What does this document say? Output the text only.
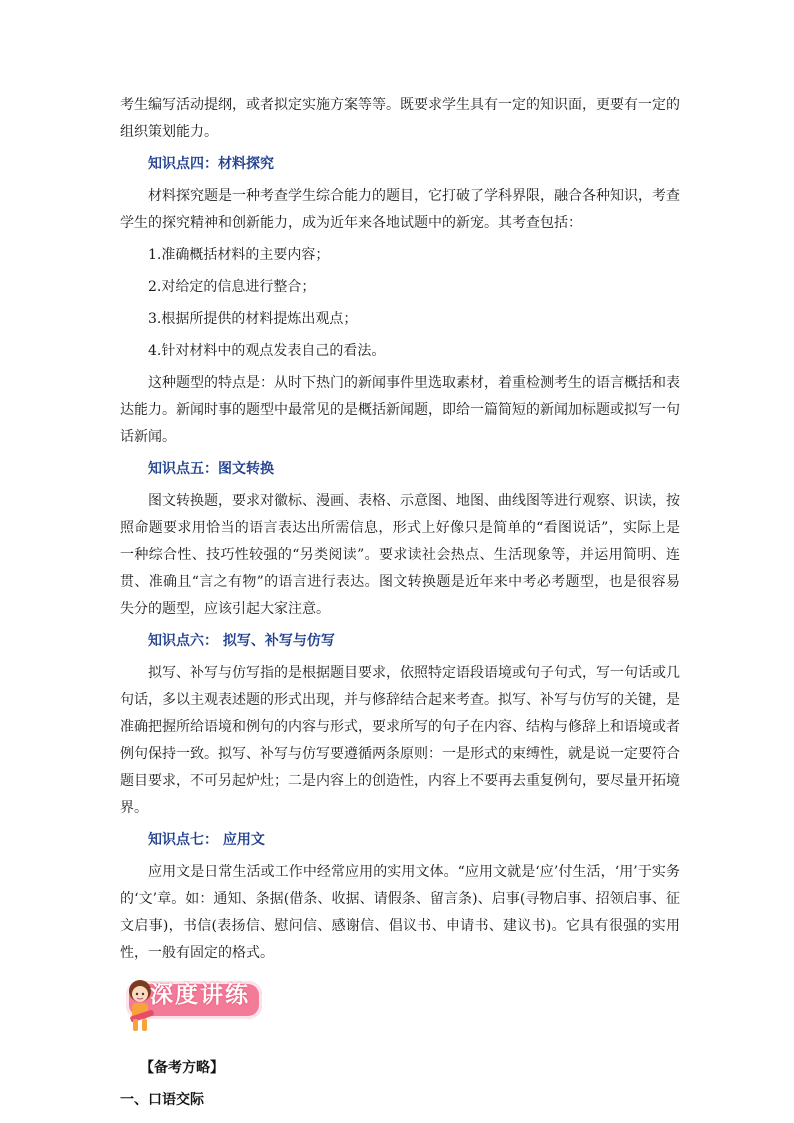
考生编写活动提纲，或者拟定实施方案等等。既要求学生具有一定的知识面，更要有一定的组织策划能力。

知识点四：材料探究

材料探究题是一种考查学生综合能力的题目，它打破了学科界限，融合各种知识，考查学生的探究精神和创新能力，成为近年来各地试题中的新宠。其考查包括：

1.准确概括材料的主要内容；

2.对给定的信息进行整合；

3.根据所提供的材料提炼出观点；

4.针对材料中的观点发表自己的看法。

这种题型的特点是：从时下热门的新闻事件里选取素材，着重检测考生的语言概括和表达能力。新闻时事的题型中最常见的是概括新闻题，即给一篇简短的新闻加标题或拟写一句话新闻。

知识点五：图文转换

图文转换题，要求对徽标、漫画、表格、示意图、地图、曲线图等进行观察、识读，按照命题要求用恰当的语言表达出所需信息，形式上好像只是简单的“看图说话”，实际上是一种综合性、技巧性较强的“另类阅读”。要求读社会热点、生活现象等，并运用简明、连贯、准确且“言之有物”的语言进行表达。图文转换题是近年来中考必考题型，也是很容易失分的题型，应该引起大家注意。

知识点六： 拟写、补写与仿写

拟写、补写与仿写指的是根据题目要求，依照特定语段语境或句子句式，写一句话或几句话，多以主观表述题的形式出现，并与修辞结合起来考查。拟写、补写与仿写的关键，是准确把握所给语境和例句的内容与形式，要求所写的句子在内容、结构与修辞上和语境或者例句保持一致。拟写、补写与仿写要遵循两条原则：一是形式的束缚性，就是说一定要符合题目要求，不可另起炉灶；二是内容上的创造性，内容上不要再去重复例句，要尽量开拓境界。

知识点七： 应用文

应用文是日常生活或工作中经常应用的实用文体。“应用文就是‘应’付生活，‘用’于实务的‘文’章。如：通知、条据(借条、收据、请假条、留言条)、启事(寻物启事、招领启事、征文启事)，书信(表扬信、慰问信、感谢信、倡议书、申请书、建议书)。它具有很强的实用性，一般有固定的格式。

深度讲练

【备考方略】

一、口语交际
